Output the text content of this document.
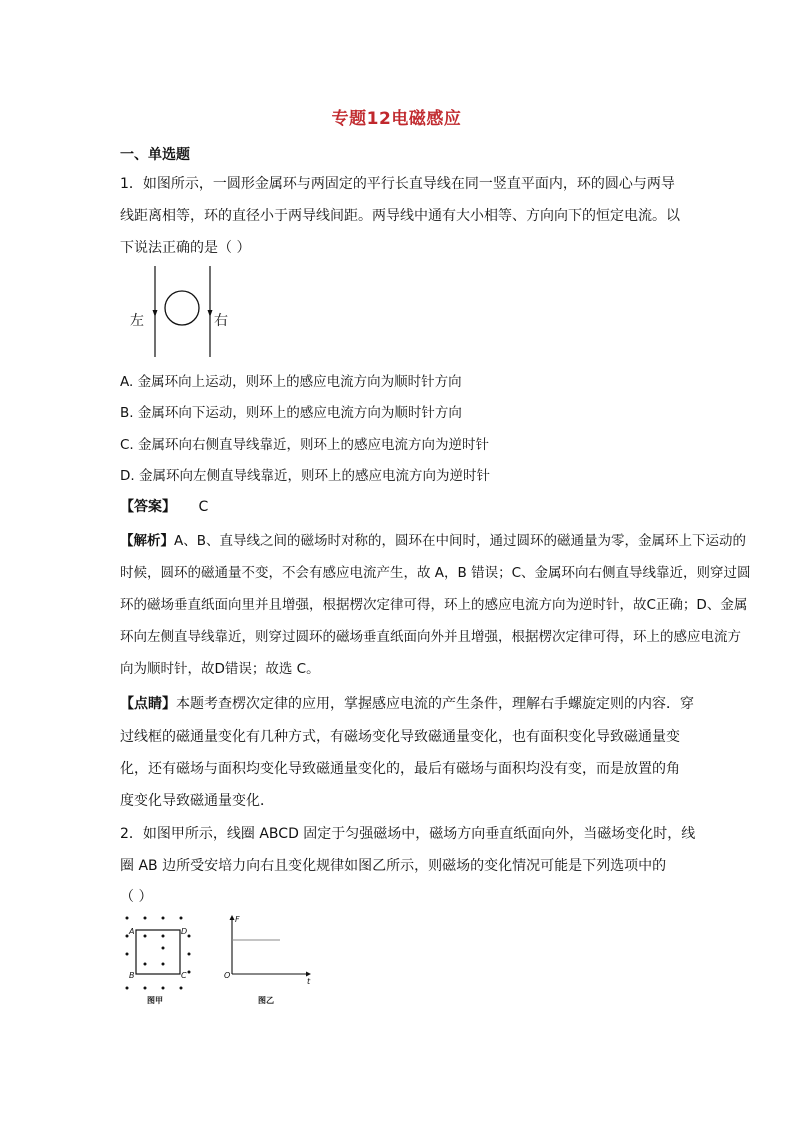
专题12电磁感应
一、单选题
1．如图所示，一圆形金属环与两固定的平行长直导线在同一竖直平面内，环的圆心与两导
线距离相等，环的直径小于两导线间距。两导线中通有大小相等、方向向下的恒定电流。以
下说法正确的是（ ）
左	右
A. 金属环向上运动，则环上的感应电流方向为顺时针方向
B. 金属环向下运动，则环上的感应电流方向为顺时针方向
C. 金属环向右侧直导线靠近，则环上的感应电流方向为逆时针
D. 金属环向左侧直导线靠近，则环上的感应电流方向为逆时针
【答案】 C
【解析】A、B、直导线之间的磁场时对称的，圆环在中间时，通过圆环的磁通量为零，金属环上下运动的
时候，圆环的磁通量不变，不会有感应电流产生，故 A，B 错误；C、金属环向右侧直导线靠近，则穿过圆
环的磁场垂直纸面向里并且增强，根据楞次定律可得，环上的感应电流方向为逆时针，故C正确；D、金属
环向左侧直导线靠近，则穿过圆环的磁场垂直纸面向外并且增强，根据楞次定律可得，环上的感应电流方
向为顺时针，故D错误；故选 C。
【点睛】本题考查楞次定律的应用，掌握感应电流的产生条件，理解右手螺旋定则的内容．穿
过线框的磁通量变化有几种方式，有磁场变化导致磁通量变化，也有面积变化导致磁通量变
化，还有磁场与面积均变化导致磁通量变化的，最后有磁场与面积均没有变，而是放置的角
度变化导致磁通量变化．
2．如图甲所示，线圈 ABCD 固定于匀强磁场中，磁场方向垂直纸面向外，当磁场变化时，线
圈 AB 边所受安培力向右且变化规律如图乙所示，则磁场的变化情况可能是下列选项中的
（ ）
A	D
B	C
图甲
F
O
t
图乙
